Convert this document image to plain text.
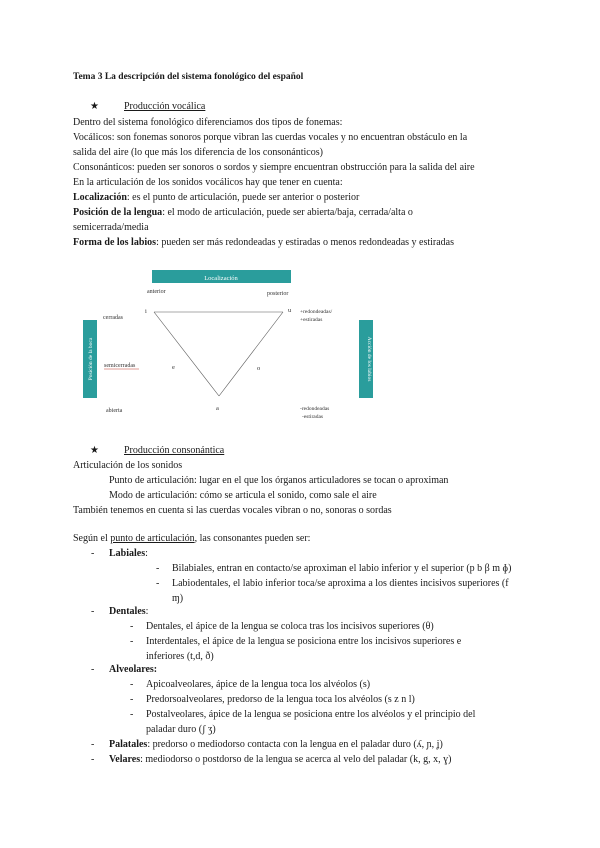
Tema 3 La descripción del sistema fonológico del español
★	Producción vocálica
Dentro del sistema fonológico diferenciamos dos tipos de fonemas:
Vocálicos: son fonemas sonoros porque vibran las cuerdas vocales y no encuentran obstáculo en la
salida del aire (lo que más los diferencia de los consonánticos)
Consonánticos: pueden ser sonoros o sordos y siempre encuentran obstrucción para la salida del aire
En la articulación de los sonidos vocálicos hay que tener en cuenta:
Localización: es el punto de articulación, puede ser anterior o posterior
Posición de la lengua: el modo de articulación, puede ser abierta/baja, cerrada/alta o
semicerrada/media
Forma de los labios: pueden ser más redondeadas y estiradas o menos redondeadas y estiradas
Localización
Posición de la boca	Acción de los labios
anterior	posterior
cerradas
semicerradas
abierta
i	u
e	o
a
+redondeadas/
+estiradas
-redondeadas
-estiradas
★	Producción consonántica
Articulación de los sonidos
Punto de articulación: lugar en el que los órganos articuladores se tocan o aproximan
Modo de articulación: cómo se articula el sonido, como sale el aire
También tenemos en cuenta si las cuerdas vocales vibran o no, sonoras o sordas
Según el punto de articulación, las consonantes pueden ser:
- Labiales:
- Bilabiales, entran en contacto/se aproximan el labio inferior y el superior (p b β m ɸ)
- Labiodentales, el labio inferior toca/se aproxima a los dientes incisivos superiores (f
ɱ)
- Dentales:
- Dentales, el ápice de la lengua se coloca tras los incisivos superiores (θ)
- Interdentales, el ápice de la lengua se posiciona entre los incisivos superiores e
inferiores (t,d, ð)
- Alveolares:
- Apicoalveolares, ápice de la lengua toca los alvéolos (s)
- Predorsoalveolares, predorso de la lengua toca los alvéolos (s z n l)
- Postalveolares, ápice de la lengua se posiciona entre los alvéolos y el principio del
paladar duro (ʃ ʒ)
- Palatales: predorso o mediodorso contacta con la lengua en el paladar duro (ʎ, ɲ, ʝ)
- Velares: mediodorso o postdorso de la lengua se acerca al velo del paladar (k, g, x, ɣ)
